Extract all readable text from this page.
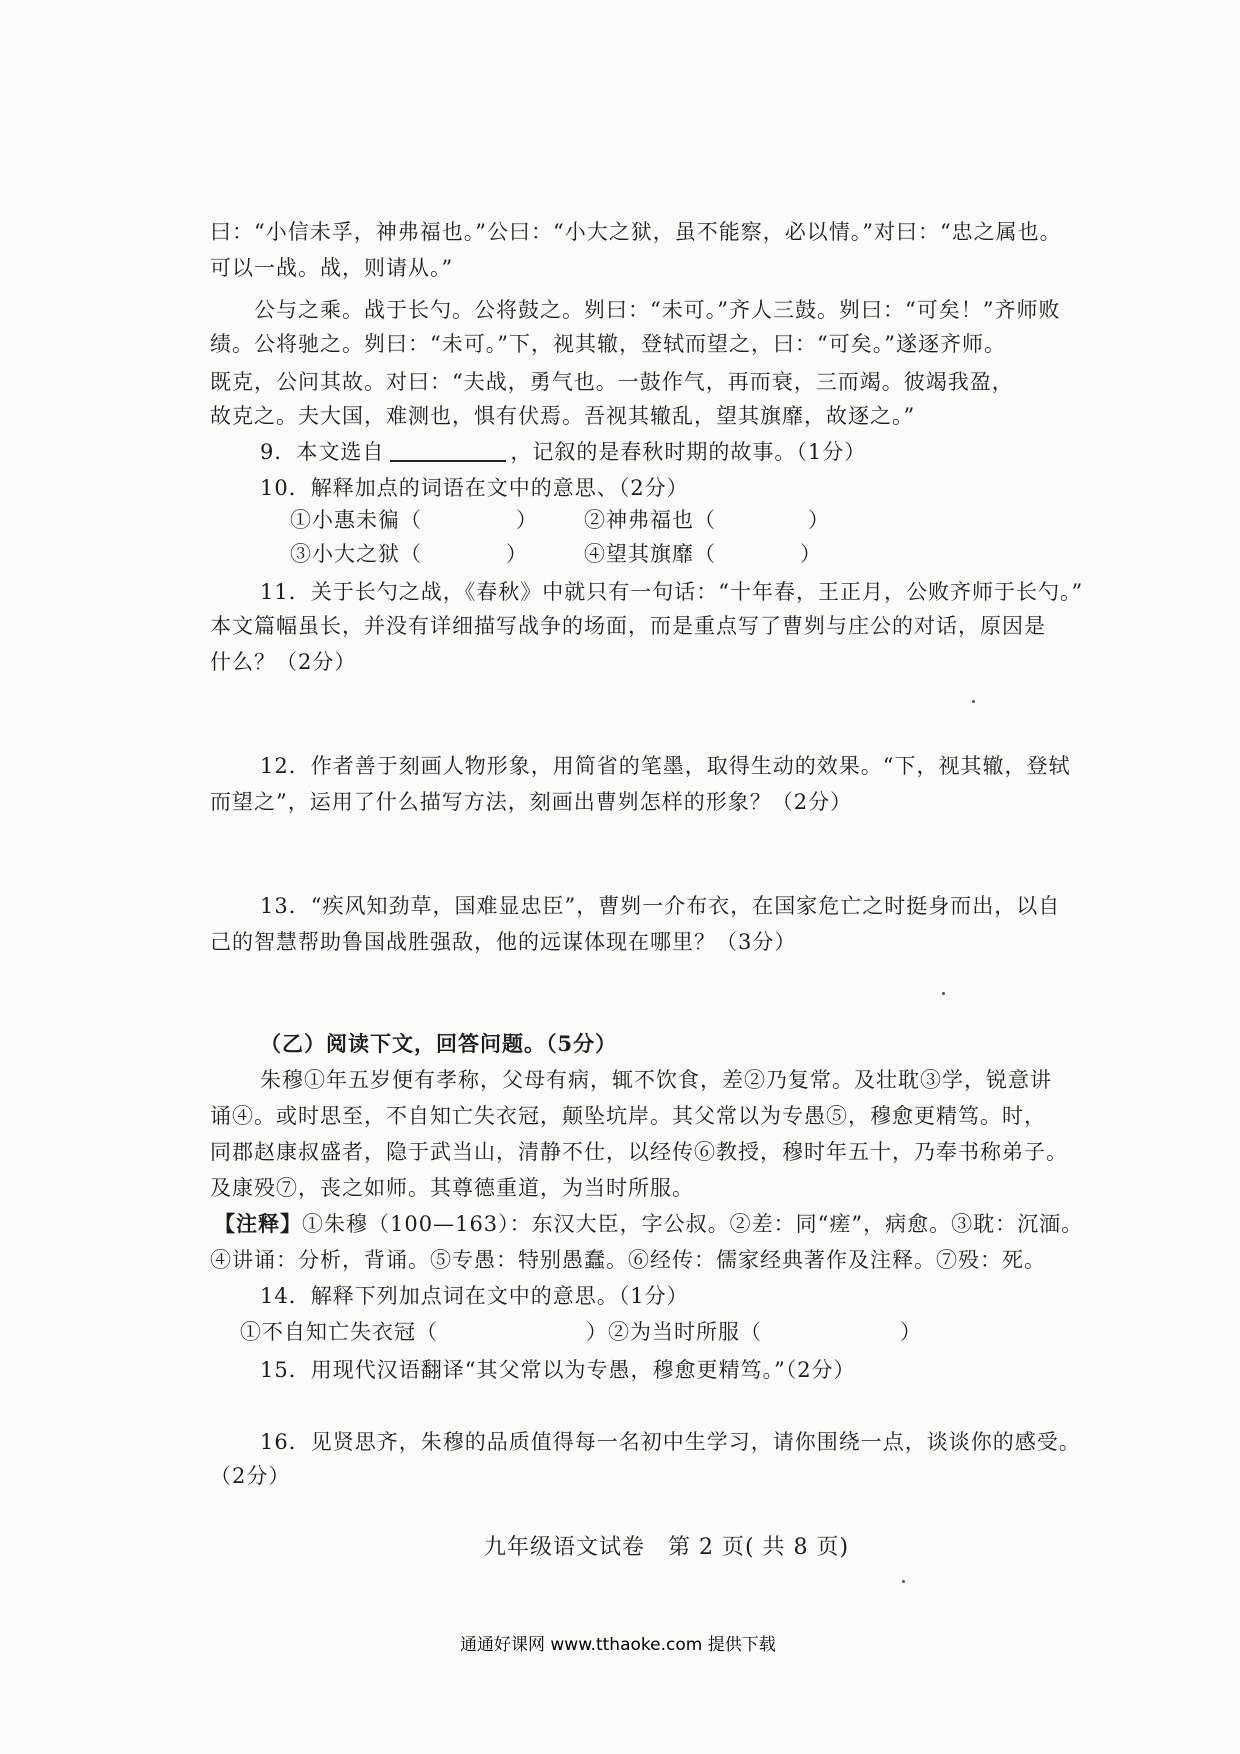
曰：“小信未孚，神弗福也。”公曰：“小大之狱，虽不能察，必以情。”对曰：“忠之属也。
可以一战。战，则请从。”
公与之乘。战于长勺。公将鼓之。刿曰：“未可。”齐人三鼓。刿曰：“可矣！”齐师败
绩。公将驰之。刿曰：“未可。”下，视其辙，登轼而望之，曰：“可矣。”遂逐齐师。
既克，公问其故。对曰：“夫战，勇气也。一鼓作气，再而衰，三而竭。彼竭我盈，
故克之。夫大国，难测也，惧有伏焉。吾视其辙乱，望其旗靡，故逐之。”
9．本文选自	，记叙的是春秋时期的故事。（1分）
10．解释加点的词语在文中的意思、（2分）
①小惠未徧（	） ②神弗福也（	）
③小大之狱（	）	④望其旗靡（	）
11．关于长勺之战，《春秋》中就只有一句话：“十年春，王正月，公败齐师于长勺。”
本文篇幅虽长，并没有详细描写战争的场面，而是重点写了曹刿与庄公的对话，原因是
什么？（2分）
12．作者善于刻画人物形象，用简省的笔墨，取得生动的效果。“下，视其辙，登轼
而望之”，运用了什么描写方法，刻画出曹刿怎样的形象？（2分）
13．“疾风知劲草，国难显忠臣”，曹刿一介布衣，在国家危亡之时挺身而出，以自
己的智慧帮助鲁国战胜强敌，他的远谋体现在哪里？（3分）
（乙）阅读下文，回答问题。（5分）
朱穆①年五岁便有孝称，父母有病，辄不饮食，差②乃复常。及壮耽③学，锐意讲
诵④。或时思至，不自知亡失衣冠，颠坠坑岸。其父常以为专愚⑤，穆愈更精笃。时，
同郡赵康叔盛者，隐于武当山，清静不仕，以经传⑥教授，穆时年五十，乃奉书称弟子。
及康殁⑦，丧之如师。其尊德重道，为当时所服。
【注释】①朱穆（100—163）：东汉大臣，字公叔。②差：同“瘥”，病愈。③耽：沉湎。
④讲诵：分析，背诵。⑤专愚：特别愚蠢。⑥经传：儒家经典著作及注释。⑦殁：死。
14．解释下列加点词在文中的意思。（1分）
①不自知亡失衣冠（	）②为当时所服（	）
15．用现代汉语翻译“其父常以为专愚，穆愈更精笃。”（2分）
16．见贤思齐，朱穆的品质值得每一名初中生学习，请你围绕一点，谈谈你的感受。
（2分）
九年级语文试卷　第 2 页( 共 8 页)
通通好课网 www.tthaoke.com 提供下载
